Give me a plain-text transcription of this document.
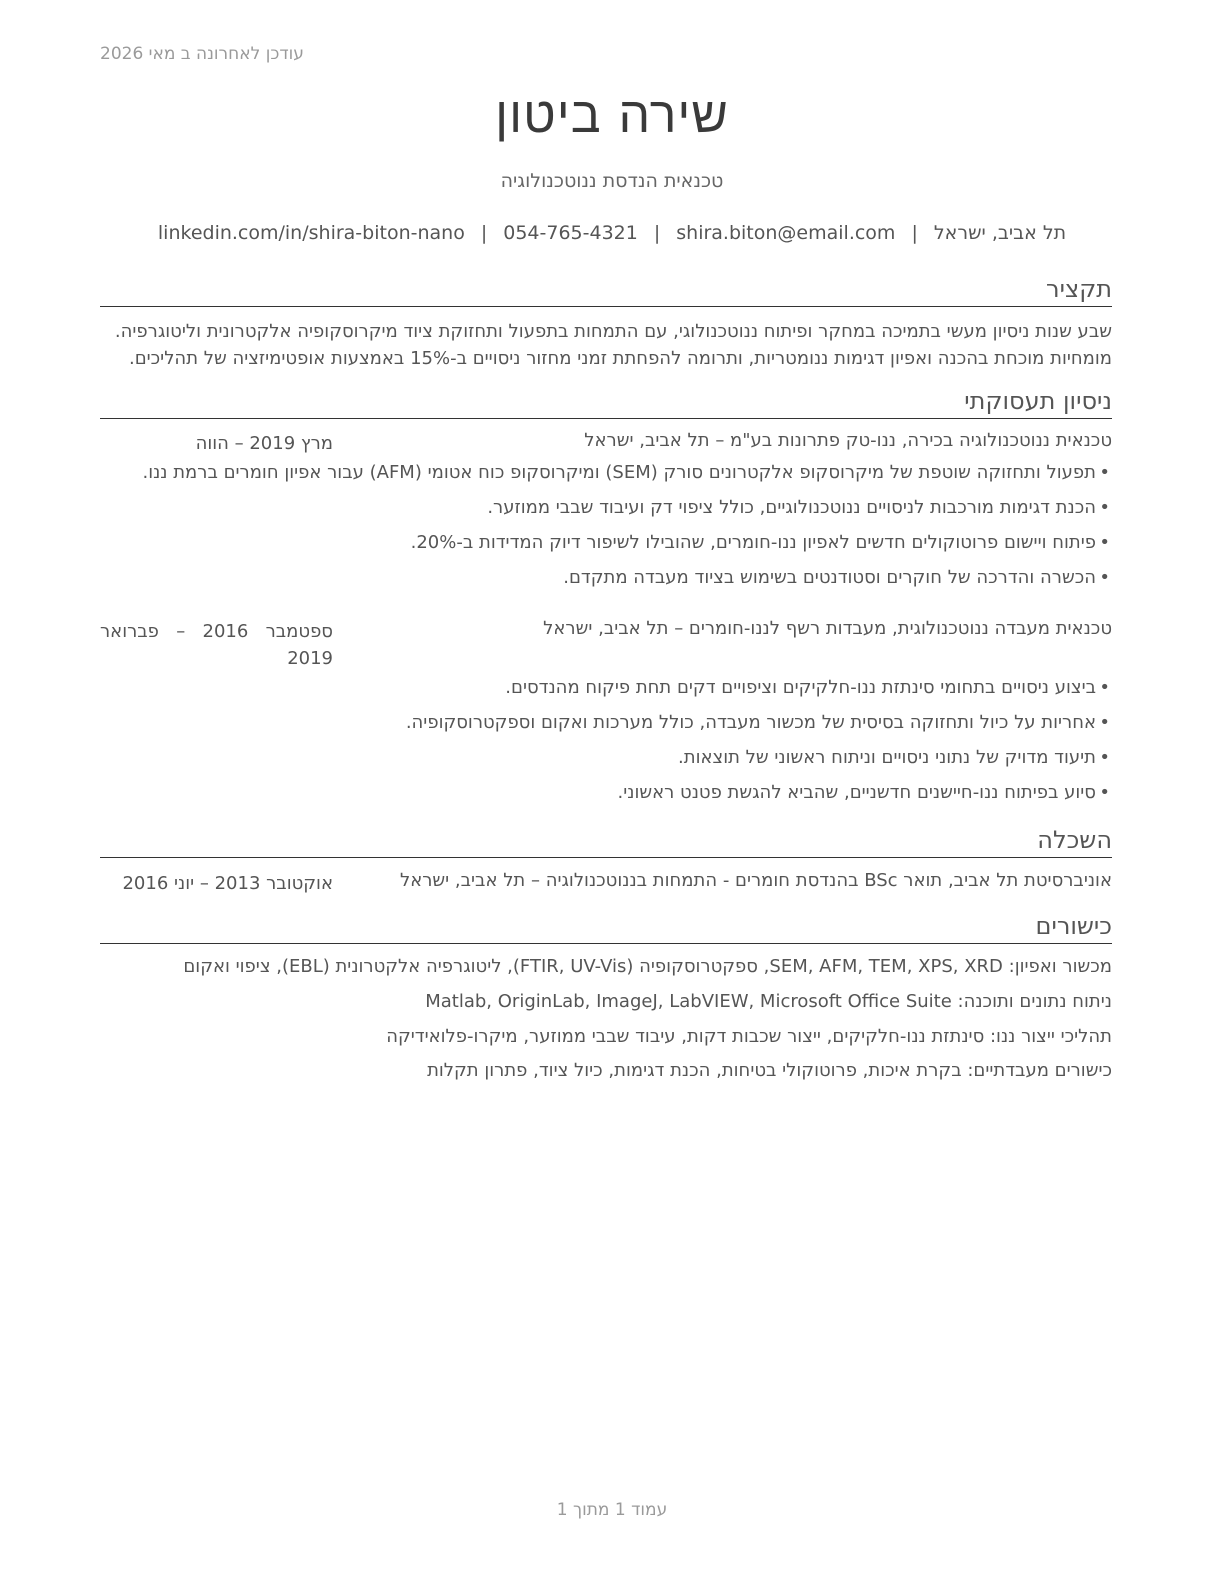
עודכן לאחרונה ב מאי 2026
שירה ביטון
טכנאית הנדסת ננוטכנולוגיה
תל אביב, ישראל|shira.biton@email.com|054-765-4321|linkedin.com/in/shira-biton-nano
תקציר
שבע שנות ניסיון מעשי בתמיכה במחקר ופיתוח ננוטכנולוגי, עם התמחות בתפעול ותחזוקת ציוד מיקרוסקופיה אלקטרונית וליטוגרפיה. מומחיות מוכחת בהכנה ואפיון דגימות ננומטריות, ותרומה להפחתת זמני מחזור ניסויים ב-15% באמצעות אופטימיזציה של תהליכים.
ניסיון תעסוקתי
טכנאית ננוטכנולוגיה בכירה, ננו-טק פתרונות בע"מ – תל אביב, ישראל
מרץ 2019 – הווה
•
תפעול ותחזוקה שוטפת של מיקרוסקופ אלקטרונים סורק (SEM) ומיקרוסקופ כוח אטומי (AFM) עבור אפיון חומרים ברמת ננו.
•
הכנת דגימות מורכבות לניסויים ננוטכנולוגיים, כולל ציפוי דק ועיבוד שבבי ממוזער.
•
פיתוח ויישום פרוטוקולים חדשים לאפיון ננו-חומרים, שהובילו לשיפור דיוק המדידות ב-20%.
•
הכשרה והדרכה של חוקרים וסטודנטים בשימוש בציוד מעבדה מתקדם.
טכנאית מעבדה ננוטכנולוגית, מעבדות רשף לננו-חומרים – תל אביב, ישראל
ספטמבר 2016 – פברואר 2019
•
ביצוע ניסויים בתחומי סינתזת ננו-חלקיקים וציפויים דקים תחת פיקוח מהנדסים.
•
אחריות על כיול ותחזוקה בסיסית של מכשור מעבדה, כולל מערכות ואקום וספקטרוסקופיה.
•
תיעוד מדויק של נתוני ניסויים וניתוח ראשוני של תוצאות.
•
סיוע בפיתוח ננו-חיישנים חדשניים, שהביא להגשת פטנט ראשוני.
השכלה
אוניברסיטת תל אביב, תואר BSc בהנדסת חומרים - התמחות בננוטכנולוגיה – תל אביב, ישראל
אוקטובר 2013 – יוני 2016
כישורים
מכשור ואפיון: SEM, AFM, TEM, XPS, XRD, ספקטרוסקופיה (FTIR, UV-Vis), ליטוגרפיה אלקטרונית (EBL), ציפוי ואקום
ניתוח נתונים ותוכנה: Matlab, OriginLab, ImageJ, LabVIEW, Microsoft Office Suite
תהליכי ייצור ננו: סינתזת ננו-חלקיקים, ייצור שכבות דקות, עיבוד שבבי ממוזער, מיקרו-פלואידיקה
כישורים מעבדתיים: בקרת איכות, פרוטוקולי בטיחות, הכנת דגימות, כיול ציוד, פתרון תקלות
עמוד 1 מתוך 1
